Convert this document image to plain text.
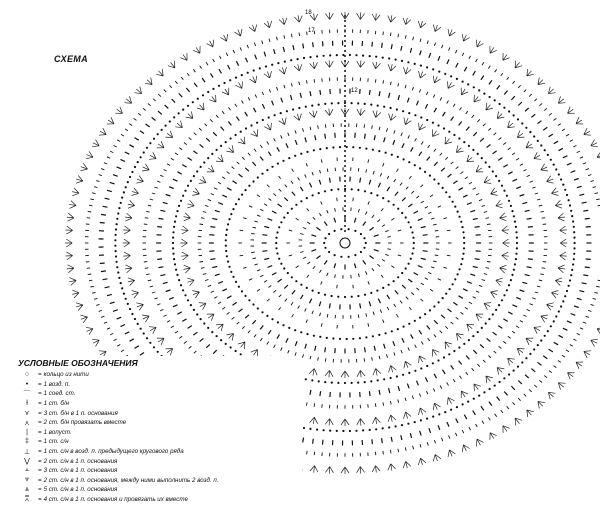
18
17
12
СХЕМА
УСЛОВНЫЕ ОБОЗНАЧЕНИЯ
○	= кольцо из нити
•	= 1 возд. п.
⌒	= 1 соед. ст.
ł	= 1 ст. б/н
⋎	= 3 ст. б/н в 1 п. основания
⋏	= 2 ст. б/н провязать вместе
|	= 1 вопуст.
‡	= 1 ст. с/н
⊥	= 1 ст. с/н в возд. п. предыдущего кругового ряда
⋁	= 2 ст. с/н в 1 п. основания
⩡	= 3 ст. с/н в 1 п. основания
⩔	= 2 ст. с/н в 1 п. основания, между ними выполнить 2 возд. п.
⩓	= 5 ст. с/н в 1 п. основания
⩞	= 4 ст. с/н в 1 п. основания и провязать их вместе
